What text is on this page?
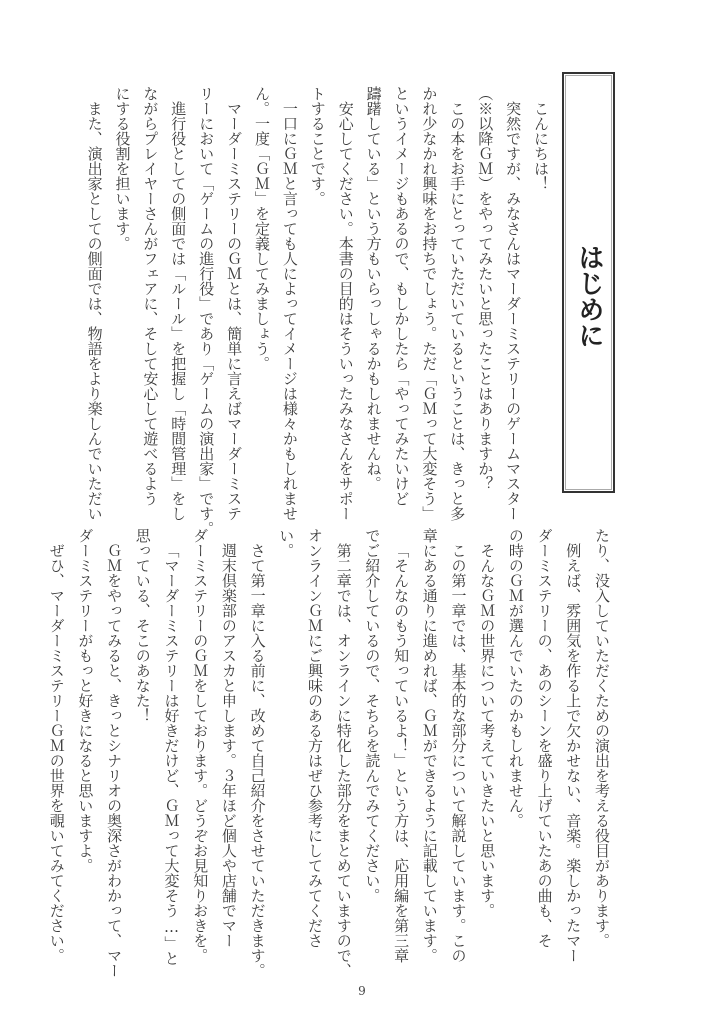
はじめに
こんにちは！
突然ですが、みなさんはマーダーミステリーのゲームマスター
（※以降ＧＭ）をやってみたいと思ったことはありますか？
この本をお手にとっていただいているということは、きっと多
かれ少なかれ興味をお持ちでしょう。ただ「ＧＭって大変そう」
というイメージもあるので、もしかしたら「やってみたいけど
躊躇している」という方もいらっしゃるかもしれませんね。
安心してください。本書の目的はそういったみなさんをサポー
トすることです。
一口にＧＭと言っても人によってイメージは様々かもしれませ
ん。一度「ＧＭ」を定義してみましょう。
マーダーミステリーのＧＭとは、簡単に言えばマーダーミステ
リーにおいて「ゲームの進行役」であり「ゲームの演出家」です。
進行役としての側面では「ルール」を把握し「時間管理」をし
ながらプレイヤーさんがフェアに、そして安心して遊べるよう
にする役割を担います。
また、演出家としての側面では、物語をより楽しんでいただい
たり、没入していただくための演出を考える役目があります。
例えば、雰囲気を作る上で欠かせない、音楽。楽しかったマー
ダーミステリーの、あのシーンを盛り上げていたあの曲も、そ
の時のＧＭが選んでいたのかもしれません。
そんなＧＭの世界について考えていきたいと思います。
この第一章では、基本的な部分について解説しています。この
章にある通りに進めれば、ＧＭができるように記載しています。
「そんなのもう知っているよ！」という方は、応用編を第三章
でご紹介しているので、そちらを読んでみてください。
第二章では、オンラインに特化した部分をまとめていますので、
オンラインＧＭにご興味のある方はぜひ参考にしてみてくださ
い。
さて第一章に入る前に、改めて自己紹介をさせていただきます。
週末倶楽部のアスカと申します。３年ほど個人や店舗でマー
ダーミステリーのＧＭをしております。どうぞお見知りおきを。
「マーダーミステリーは好きだけど、ＧＭって大変そう…」と
思っている、そこのあなた！
ＧＭをやってみると、きっとシナリオの奥深さがわかって、マー
ダーミステリーがもっと好きになると思いますよ。
ぜひ、マーダーミステリーＧＭの世界を覗いてみてください。
9
